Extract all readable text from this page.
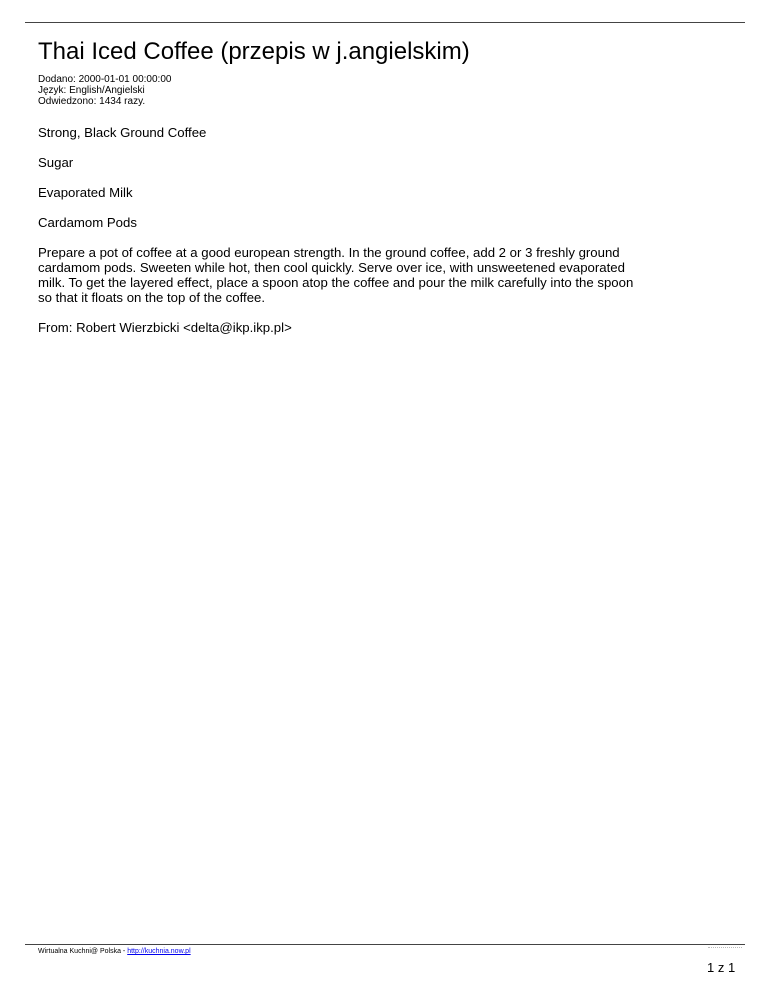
Thai Iced Coffee (przepis w j.angielskim)
Dodano: 2000-01-01 00:00:00
Język: English/Angielski
Odwiedzono: 1434 razy.

Strong, Black Ground Coffee

Sugar

Evaporated Milk

Cardamom Pods

Prepare a pot of coffee at a good european strength. In the ground coffee, add 2 or 3 freshly ground cardamom pods. Sweeten while hot, then cool quickly. Serve over ice, with unsweetened evaporated milk. To get the layered effect, place a spoon atop the coffee and pour the milk carefully into the spoon so that it floats on the top of the coffee.

From: Robert Wierzbicki <delta@ikp.ikp.pl>

Wirtualna Kuchni@ Polska - http://kuchnia.now.pl
1 z 1
